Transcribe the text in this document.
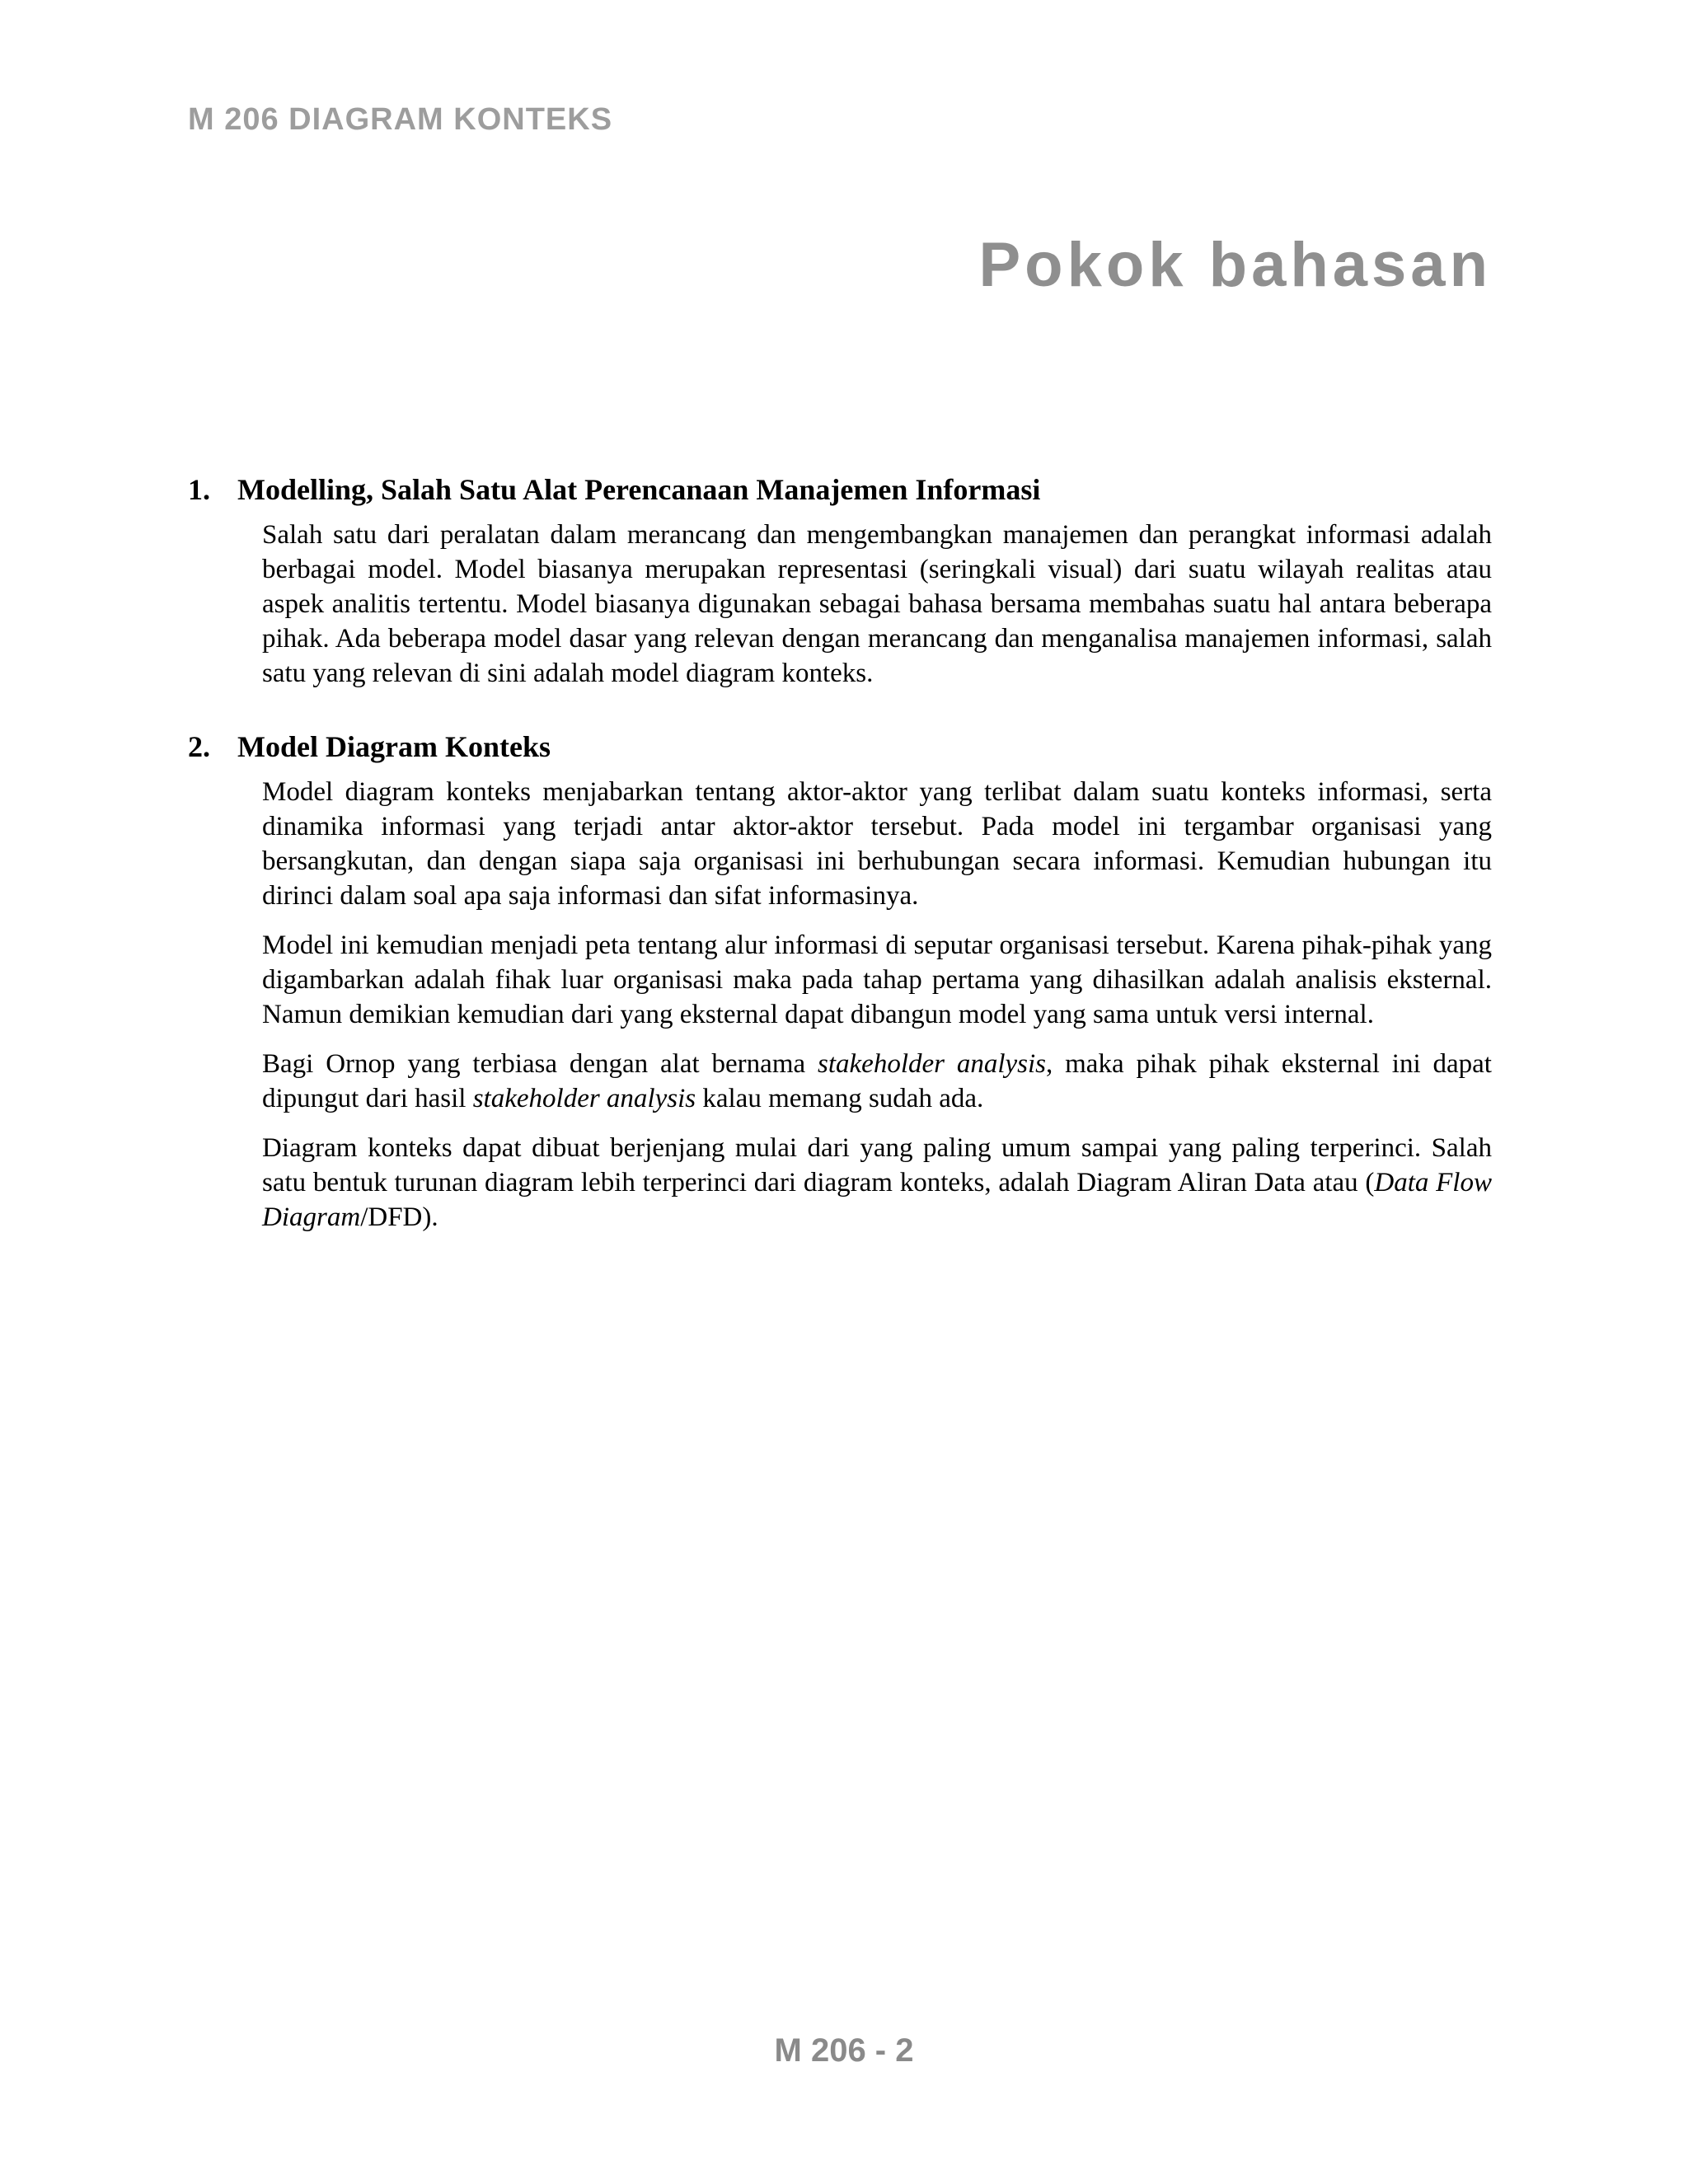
M 206 DIAGRAM KONTEKS
Pokok bahasan
1. Modelling, Salah Satu Alat Perencanaan Manajemen Informasi

Salah satu dari peralatan dalam merancang dan mengembangkan manajemen dan perangkat informasi adalah berbagai model. Model biasanya merupakan representasi (seringkali visual) dari suatu wilayah realitas atau aspek analitis tertentu. Model biasanya digunakan sebagai bahasa bersama membahas suatu hal antara beberapa pihak. Ada beberapa model dasar yang relevan dengan merancang dan menganalisa manajemen informasi, salah satu yang relevan di sini adalah model diagram konteks.

2. Model Diagram Konteks

Model diagram konteks menjabarkan tentang aktor-aktor yang terlibat dalam suatu konteks informasi, serta dinamika informasi yang terjadi antar aktor-aktor tersebut. Pada model ini tergambar organisasi yang bersangkutan, dan dengan siapa saja organisasi ini berhubungan secara informasi. Kemudian hubungan itu dirinci dalam soal apa saja informasi dan sifat informasinya.

Model ini kemudian menjadi peta tentang alur informasi di seputar organisasi tersebut. Karena pihak-pihak yang digambarkan adalah fihak luar organisasi maka pada tahap pertama yang dihasilkan adalah analisis eksternal. Namun demikian kemudian dari yang eksternal dapat dibangun model yang sama untuk versi internal.

Bagi Ornop yang terbiasa dengan alat bernama stakeholder analysis, maka pihak pihak eksternal ini dapat dipungut dari hasil stakeholder analysis kalau memang sudah ada.

Diagram konteks dapat dibuat berjenjang mulai dari yang paling umum sampai yang paling terperinci. Salah satu bentuk turunan diagram lebih terperinci dari diagram konteks, adalah Diagram Aliran Data atau (Data Flow Diagram/DFD).

M 206 - 2
